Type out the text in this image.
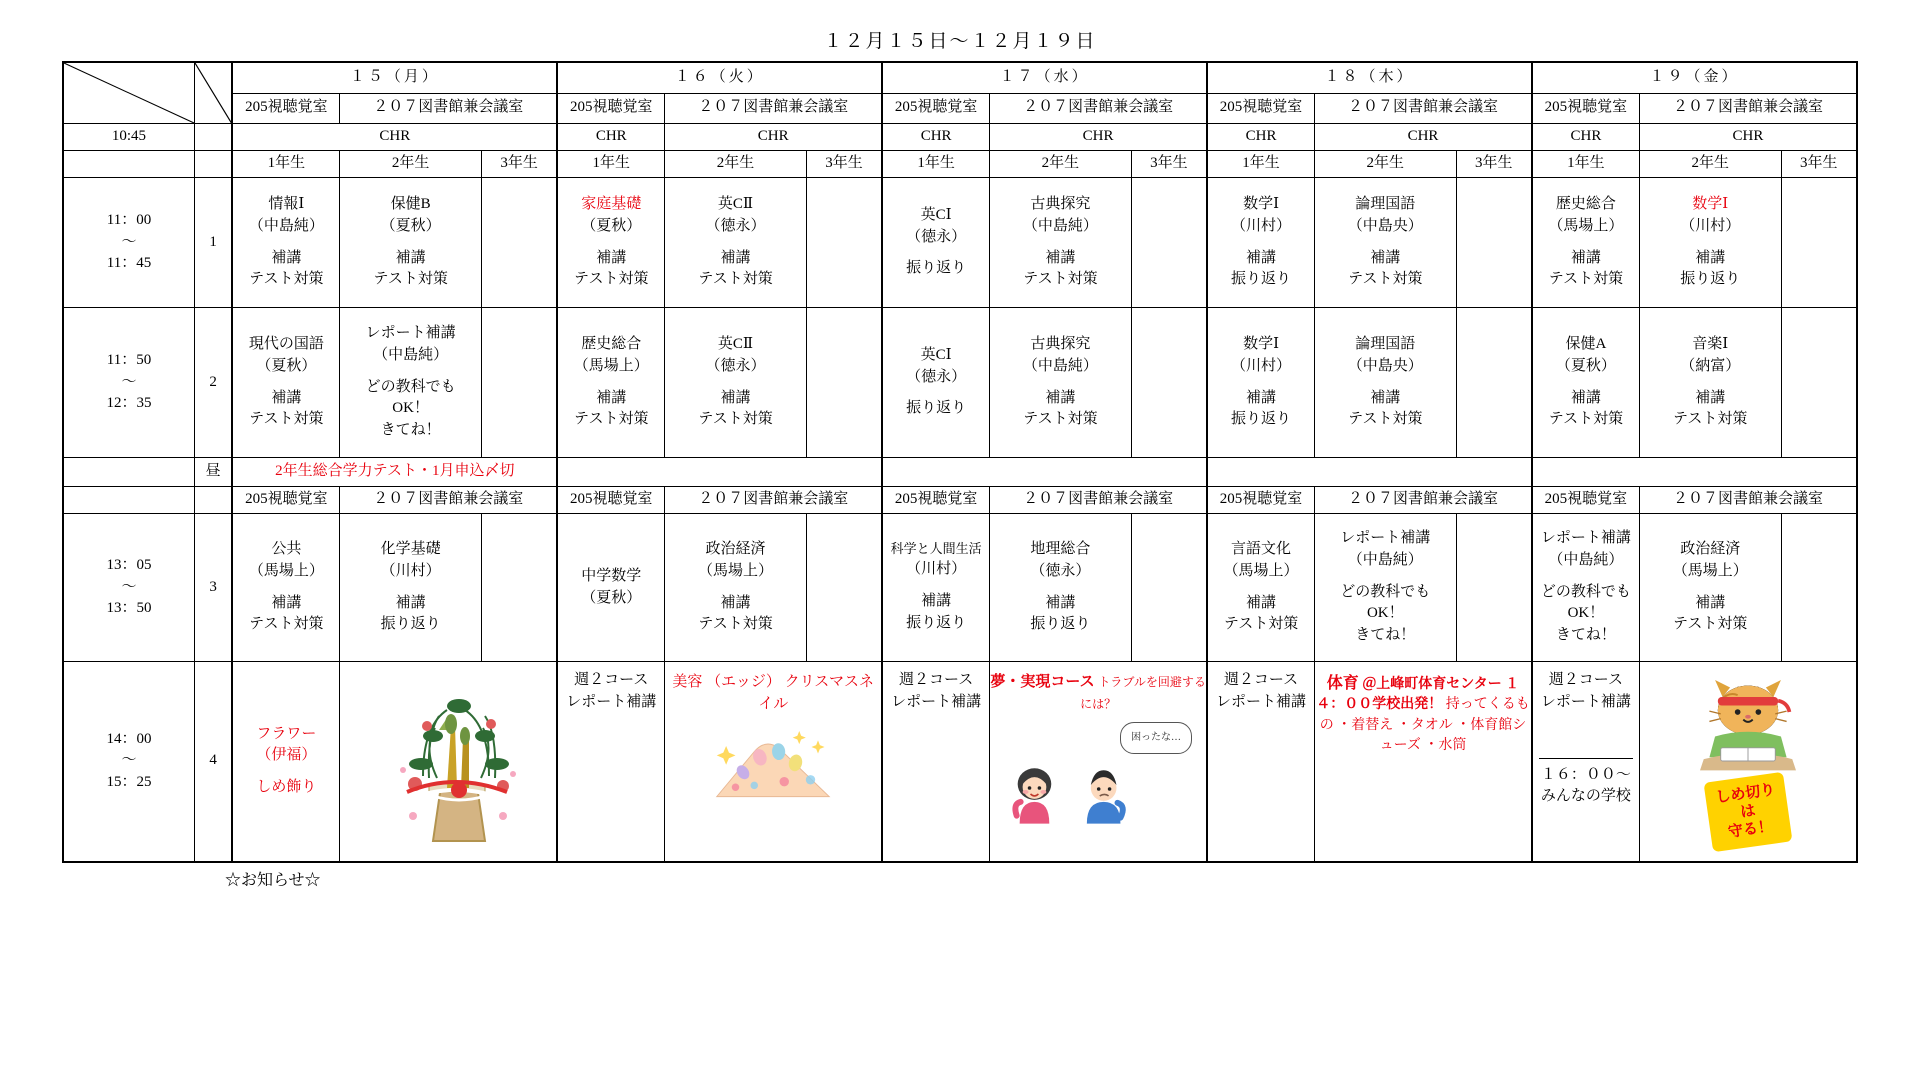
１２月１５日～１２月１９日

	１５（月）			１６（火）			１７（水）			１８（木）			１９（金）		
		205視聴覚室	２０７図書館兼会議室		205視聴覚室	２０７図書館兼会議室		205視聴覚室	２０７図書館兼会議室		205視聴覚室	２０７図書館兼会議室		205視聴覚室	２０７図書館兼会議室	
10:45		CHR			CHR	CHR		CHR	CHR		CHR	CHR		CHR	CHR	
		1年生	2年生	3年生	1年生	2年生	3年生	1年生	2年生	3年生	1年生	2年生	3年生	1年生	2年生	3年生
11：00
～
11：45	1	情報Ⅰ
（中島純）
補講
テスト対策	保健B
（夏秋）
補講
テスト対策		家庭基礎
（夏秋）
補講
テスト対策	英CⅡ
（徳永）
補講
テスト対策		英CⅠ
（徳永）
振り返り	古典探究
（中島純）
補講
テスト対策		数学Ⅰ
（川村）
補講
振り返り	論理国語
（中島央）
補講
テスト対策		歴史総合
（馬場上）
補講
テスト対策	数学Ⅰ
（川村）
補講
振り返り	

11：50
～
12：35	2	現代の国語
（夏秋）
補講
テスト対策	レポート補講
（中島純）
どの教科でも
OK！
きてね！		歴史総合
（馬場上）
補講
テスト対策	英CⅡ
（徳永）
補講
テスト対策		英CⅠ
（徳永）
振り返り	古典探究
（中島純）
補講
テスト対策		数学Ⅰ
（川村）
補講
振り返り	論理国語
（中島央）
補講
テスト対策		保健A
（夏秋）
補講
テスト対策	音楽Ⅰ
（納富）
補講
テスト対策	

	昼	2年生総合学力テスト・1月申込〆切														
		205視聴覚室	２０７図書館兼会議室		205視聴覚室	２０７図書館兼会議室		205視聴覚室	２０７図書館兼会議室		205視聴覚室	２０７図書館兼会議室		205視聴覚室	２０７図書館兼会議室	
13：05
～
13：50	3	公共
（馬場上）
補講
テスト対策	化学基礎
（川村）
補講
振り返り		中学数学
（夏秋）	政治経済
（馬場上）
補講
テスト対策		科学と人間生活
（川村）
補講
振り返り	地理総合
（徳永）
補講
振り返り		言語文化
（馬場上）
補講
テスト対策	レポート補講
（中島純）
どの教科でも
OK！
きてね！		レポート補講
（中島純）
どの教科でも
OK！
きてね！	政治経済
（馬場上）
補講
テスト対策	

14：00
～
15：25	4	フラワー
（伊福）
しめ飾り			週２コース
レポート補講	美容 （エッジ） クリスマスネイル		週２コース
レポート補講	夢・実現コース トラブルを回避するには？
困ったな…		週２コース
レポート補講	体育 ＠上峰町体育センター １４：００学校出発！ 持ってくるもの ・着替え ・タオル ・体育館シューズ ・水筒		週２コース
レポート補講
１６：００～
みんなの学校	しめ切り
は
守る！	
☆お知らせ☆
